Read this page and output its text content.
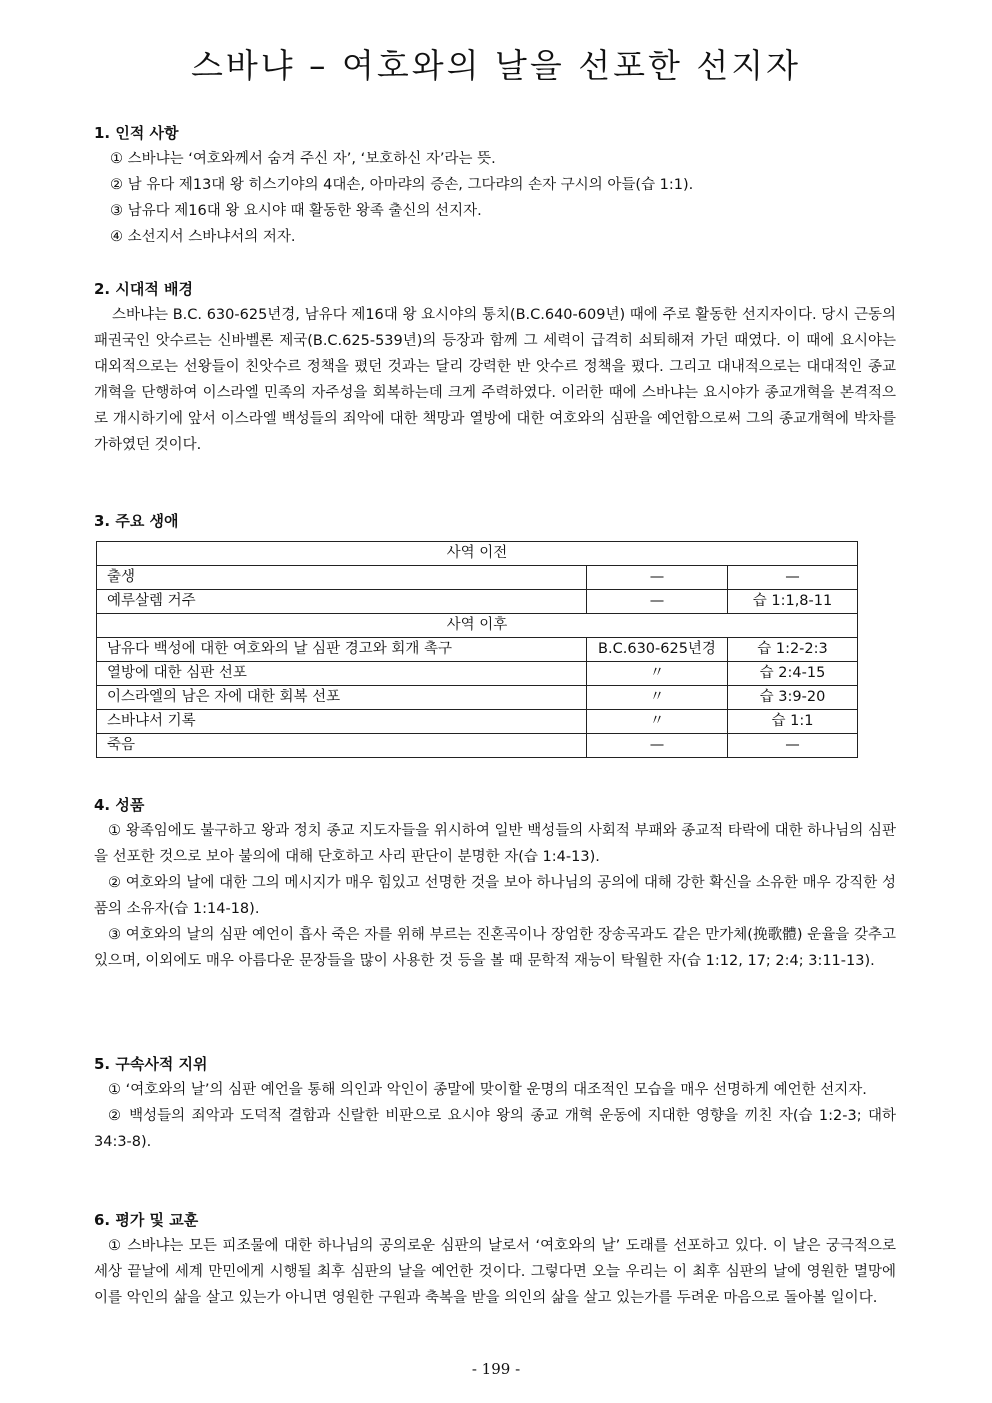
스바냐 – 여호와의 날을 선포한 선지자

1. 인적 사항

① 스바냐는 ‘여호와께서 숨겨 주신 자’, ‘보호하신 자’라는 뜻.

② 남 유다 제13대 왕 히스기야의 4대손, 아마랴의 증손, 그다랴의 손자 구시의 아들(습 1:1).

③ 남유다 제16대 왕 요시야 때 활동한 왕족 출신의 선지자.

④ 소선지서 스바냐서의 저자.

2. 시대적 배경

스바냐는 B.C. 630-625년경, 남유다 제16대 왕 요시야의 통치(B.C.640-609년) 때에 주로 활동한 선지자이다. 당시 근동의 패권국인 앗수르는 신바벨론 제국(B.C.625-539년)의 등장과 함께 그 세력이 급격히 쇠퇴해져 가던 때였다. 이 때에 요시야는 대외적으로는 선왕들이 친앗수르 정책을 폈던 것과는 달리 강력한 반 앗수르 정책을 폈다. 그리고 대내적으로는 대대적인 종교개혁을 단행하여 이스라엘 민족의 자주성을 회복하는데 크게 주력하였다. 이러한 때에 스바냐는 요시야가 종교개혁을 본격적으로 개시하기에 앞서 이스라엘 백성들의 죄악에 대한 책망과 열방에 대한 여호와의 심판을 예언함으로써 그의 종교개혁에 박차를 가하였던 것이다.

3. 주요 생애

사역 이전		
출생	—	—
예루살렘 거주	—	습 1:1,8-11
사역 이후		
남유다 백성에 대한 여호와의 날 심판 경고와 회개 촉구	B.C.630-625년경	습 1:2-2:3
열방에 대한 심판 선포	〃	습 2:4-15
이스라엘의 남은 자에 대한 회복 선포	〃	습 3:9-20
스바냐서 기록	〃	습 1:1
죽음	—	—

4. 성품

① 왕족임에도 불구하고 왕과 정치 종교 지도자들을 위시하여 일반 백성들의 사회적 부패와 종교적 타락에 대한 하나님의 심판을 선포한 것으로 보아 불의에 대해 단호하고 사리 판단이 분명한 자(습 1:4-13).

② 여호와의 날에 대한 그의 메시지가 매우 힘있고 선명한 것을 보아 하나님의 공의에 대해 강한 확신을 소유한 매우 강직한 성품의 소유자(습 1:14-18).

③ 여호와의 날의 심판 예언이 흡사 죽은 자를 위해 부르는 진혼곡이나 장엄한 장송곡과도 같은 만가체(挽歌體) 운율을 갖추고 있으며, 이외에도 매우 아름다운 문장들을 많이 사용한 것 등을 볼 때 문학적 재능이 탁월한 자(습 1:12, 17; 2:4; 3:11-13).

5. 구속사적 지위

① ‘여호와의 날’의 심판 예언을 통해 의인과 악인이 종말에 맞이할 운명의 대조적인 모습을 매우 선명하게 예언한 선지자.

② 백성들의 죄악과 도덕적 결함과 신랄한 비판으로 요시야 왕의 종교 개혁 운동에 지대한 영향을 끼친 자(습 1:2-3; 대하 34:3-8).

6. 평가 및 교훈

① 스바냐는 모든 피조물에 대한 하나님의 공의로운 심판의 날로서 ‘여호와의 날’ 도래를 선포하고 있다. 이 날은 궁극적으로 세상 끝날에 세계 만민에게 시행될 최후 심판의 날을 예언한 것이다. 그렇다면 오늘 우리는 이 최후 심판의 날에 영원한 멸망에 이를 악인의 삶을 살고 있는가 아니면 영원한 구원과 축복을 받을 의인의 삶을 살고 있는가를 두려운 마음으로 돌아볼 일이다.

- 199 -
